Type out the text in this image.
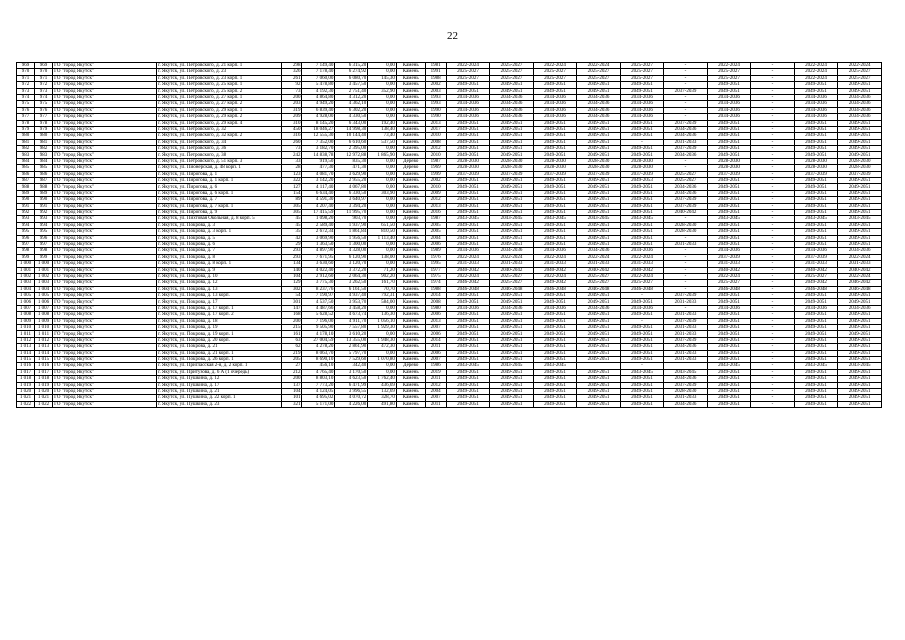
22
969	969	ГО "город Якутск"	г. Якутск, ул. Петровского, д. 21 корп. 1	298	7 149,40	6 315,20	0,00	Камень	1981	2022-2024	2025-2027	2022-2024	2022-2024	2025-2027	-	2022-2024	-	2022-2024	2022-2024
970	970	ГО "город Якутск"	г. Якутск, ул. Петровского, д. 23	326	7 178,40	6 274,92	0,00	Камень	1991	2025-2027	2025-2027	2025-2027	2025-2027	2025-2027	-	2025-2027	-	2022-2024	2025-2027
971	971	ГО "город Якутск"	г. Якутск, ул. Петровского, д. 23 корп. 1	261	7 060,00	6 080,70	145,30	Камень	1988	2025-2027	2025-2027	2025-2027	2025-2027	2025-2027	-	2025-2027	-	2022-2024	2025-2027
972	972	ГО "город Якутск"	г. Якутск, ул. Петровского, д. 25 корп. 1	92	5 478,80	3 457,50	0,00	Камень	2002	2049-2051	2049-2051	2049-2051	2049-2051	2049-2051	-	2049-2051	-	2049-2051	2049-2051
973	973	ГО "город Якутск"	г. Якутск, ул. Петровского, д. 25 корп. 2	73	4 192,30	2 751,40	352,90	Камень	2003	2049-2051	2049-2051	2049-2051	2049-2051	2049-2051	2037-2039	2049-2051	-	2049-2051	2049-2051
974	974	ГО "город Якутск"	г. Якутск, ул. Петровского, д. 27 корп. 1	200	4 864,80	4 312,20	0,00	Камень	1993	2034-2036	2034-2036	2034-2036	2034-2036	2034-2036	-	2034-2036	-	2034-2036	2034-2036
975	975	ГО "город Якутск"	г. Якутск, ул. Петровского, д. 27 корп. 2	203	4 949,20	4 362,10	0,00	Камень	1993	2034-2036	2034-2036	2034-2036	2034-2036	2034-2036	-	2034-2036	-	2034-2036	2034-2036
976	976	ГО "город Якутск"	г. Якутск, ул. Петровского, д. 29 корп. 1	319	6 839,40	6 302,20	0,00	Камень	1990	2034-2036	2034-2036	2034-2036	2034-2036	2034-2036	-	2034-2036	-	2034-2036	2034-2036
977	977	ГО "город Якутск"	г. Якутск, ул. Петровского, д. 29 корп. 2	209	4 928,00	4 330,50	0,00	Камень	1990	2034-2036	2034-2036	2034-2036	2034-2036	2034-2036	-	2034-2036	-	2034-2036	2034-2036
978	978	ГО "город Якутск"	г. Якутск, ул. Петровского, д. 29 корп. 4	310	8 145,20	6 343,00	192,40	Камень	2013	2049-2051	2049-2051	2049-2051	2049-2051	2049-2051	2037-2039	2049-2051	-	2049-2051	2049-2051
979	979	ГО "город Якутск"	г. Якутск, ул. Петровского, д. 32	450	18 046,27	14 998,30	138,40	Камень	2017	2049-2051	2049-2051	2049-2051	2049-2051	2049-2051	2034-2036	2049-2051	-	2049-2051	2049-2051
980	980	ГО "город Якутск"	г. Якутск, ул. Петровского, д. 32 корп. 2	316	12 555,30	10 144,40	73,40	Камень	2010	2049-2051	2049-2051	2049-2051	2049-2051	2049-2051	2034-2036	2049-2051	-	2049-2051	2049-2051
981	981	ГО "город Якутск"	г. Якутск, ул. Петровского, д. 34	260	7 352,00	6 610,60	537,50	Камень	2008	2049-2051	2049-2051	2049-2051	2049-2051	-	2031-2033	2049-2051	-	2049-2051	2049-2051
982	982	ГО "город Якутск"	г. Якутск, ул. Петровского, д. 36	73	3 182,70	2 395,00	0,00	Камень	2012	2049-2051	2049-2051	2049-2051	2049-2051	2049-2051	2037-2039	2049-2051	-	2049-2051	2049-2051
983	983	ГО "город Якутск"	г. Якутск, ул. Петровского, д. 38	242	14 838,78	12 972,88	1 865,90	Камень	2010	2049-2051	2049-2051	2049-2051	2049-2051	2049-2051	2034-2036	2049-2051	-	2049-2051	2049-2051
984	984	ГО "город Якутск"	г. Якутск, ул. Петровского, д. 51 корп. 3	33	919,50	835,30	0,00	Дерево	1987	2028-2030	2028-2030	2028-2030	2028-2030	2028-2030	-	2028-2030	-	2028-2030	2028-2030
985	985	ГО "город Якутск"	г. Якутск, ул. Пионерская, д. 48 корп. 1	28	477,30	471,30	0,00	Дерево	1969	2028-2030	2028-2030	2028-2030	2028-2030	2028-2030	-	2028-2030	-	2028-2030	2028-2030
986	986	ГО "город Якутск"	г. Якутск, ул. Пирогова, д. 1	123	4 081,70	3 629,90	0,00	Камень	1999	2037-2039	2037-2039	2037-2039	2037-2039	2037-2039	2025-2027	2037-2039	-	2037-2039	2037-2039
987	987	ГО "город Якутск"	г. Якутск, ул. Пирогова, д. 1 корп. 1	322	3 142,20	2 955,20	0,00	Камень	2002	2049-2051	2049-2051	2049-2051	2049-2051	2049-2053	2025-2027	2049-2051	-	2049-2051	2049-2051
988	988	ГО "город Якутск"	г. Якутск, ул. Пирогова, д. 6	127	4 117,40	4 067,80	0,00	Камень	2010	2049-2051	2049-2051	2049-2051	2049-2051	2049-2051	2034-2036	2049-2051	-	2049-2051	2049-2051
989	989	ГО "город Якутск"	г. Якутск, ул. Пирогова, д. 6 корп. 1	154	6 634,40	6 330,50	303,90	Камень	2009	2049-2051	2049-2051	2049-2051	2049-2051	2049-2051	2034-2036	2049-2051	-	2049-2051	2049-2051
990	990	ГО "город Якутск"	г. Якутск, ул. Пирогова, д. 7	89	4 591,30	3 640,97	0,00	Камень	2012	2049-2051	2049-2051	2049-2051	2049-2051	2049-2051	2037-2039	2049-2051	-	2049-2051	2049-2051
991	991	ГО "город Якутск"	г. Якутск, ул. Пирогова, д. 7 корп. 1	305	4 207,40	3 394,20	0,00	Камень	2013	2049-2051	2049-2051	2049-2051	2049-2051	2049-2051	2037-2039	2049-2051	-	2049-2051	2049-2051
992	992	ГО "город Якутск"	г. Якутск, ул. Пирогова, д. 9	305	17 415,59	11 995,70	0,00	Камень	2016	2049-2051	2049-2051	2049-2051	2049-2051	2049-2051	2040-2042	2049-2051	-	2049-2051	2049-2051
993	993	ГО "город Якутск"	г. Якутск, ул. Пихтовая Окольная, д. 8 корп. 5	45	1 098,20	903,70	0,00	Дерево	1987	2043-2045	2043-2045	2043-2045	2043-2045	2043-2045	-	2043-2045	-	2043-2045	2043-2045
994	994	ГО "город Якутск"	г. Якутск, ул. Покрова, д. 3	45	2 589,40	1 937,90	651,50	Камень	2005	2049-2051	2049-2051	2049-2051	2049-2051	2049-2051	2028-2030	2049-2051	-	2049-2051	2049-2051
995	995	ГО "город Якутск"	г. Якутск, ул. Покрова, д. 3 корп. 1	35	2 672,34	1 861,84	810,50	Камень	2005	2049-2051	2049-2051	2049-2051	2049-2051	2049-2051	2028-2030	2049-2051	-	2049-2051	2049-2051
996	996	ГО "город Якутск"	г. Якутск, ул. Покрова, д. 5	42	3 069,90	1 956,50	1 113,40	Камень	2004	2049-2051	2049-2051	2049-2051	2049-2051	2049-2051	-	2049-2051	-	2049-2051	2049-2051
997	997	ГО "город Якутск"	г. Якутск, ул. Покрова, д. 6	29	1 363,50	1 300,00	0,00	Камень	2006	2049-2051	2049-2051	2049-2051	2049-2051	2049-2051	2031-2033	2049-2051	-	2049-2051	2049-2051
998	998	ГО "город Якутск"	г. Якутск, ул. Покрова, д. 7	293	4 897,90	4 328,00	0,00	Камень	1989	2034-2036	2034-2036	2034-2036	2034-2036	2034-2036	-	2034-2036	-	2034-2036	2034-2036
999	999	ГО "город Якутск"	г. Якутск, ул. Покрова, д. 8	293	7 671,95	6 120,90	138,00	Камень	1976	2022-2024	2022-2024	2022-2024	2022-2024	2022-2024	-	2037-2039	-	2037-2039	2022-2024
1 000	1 000	ГО "город Якутск"	г. Якутск, ул. Покрова, д. 8 корп. 1	134	3 630,60	3 120,70	0,00	Камень	1995	2031-2033	2031-2033	2031-2033	2031-2033	2031-2033	-	2031-2033	-	2031-2033	2031-2033
1 001	1 001	ГО "город Якутск"	г. Якутск, ул. Покрова, д. 9	140	4 022,40	3 372,20	71,20	Камень	1977	2040-2042	2040-2042	2040-2042	2040-2042	2040-2042	-	2040-2042	-	2040-2042	2040-2042
1 002	1 002	ГО "город Якутск"	г. Якутск, ул. Покрова, д. 10	104	2 912,60	2 064,30	902,20	Камень	1975	2022-2024	2025-2027	2022-2024	2025-2027	2022-2024	-	2022-2024	-	2025-2027	2022-2024
1 003	1 003	ГО "город Якутск"	г. Якутск, ул. Покрова, д. 12	129	3 775,30	3 262,50	161,70	Камень	1974	2046-2042	2025-2027	2049-2042	2025-2027	2025-2027	-	2025-2027	-	2049-2042	2046-2042
1 004	1 004	ГО "город Якутск"	г. Якутск, ул. Покрова, д. 13	302	8 237,76	6 161,50	70,70	Камень	1988	2046-2048	2046-2048	2046-2048	2046-2048	2046-2048	-	2046-2048	-	2046-2048	2046-2048
1 005	1 005	ГО "город Якутск"	г. Якутск, ул. Покрова, д. 13 корп.	54	7 190,97	4 937,40	792,31	Камень	2014	2049-2051	2049-2051	2049-2051	2049-2051	-	2037-2039	2049-2051	-	2049-2051	2049-2051
1 006	1 006	ГО "город Якутск"	г. Якутск, ул. Покрова, д. 17	301	4 537,50	3 953,70	584,00	Камень	2008	2049-2051	2049-2051	2049-2051	2049-2051	2049-2051	2031-2033	2049-2051	-	2049-2051	2049-2051
1 007	1 007	ГО "город Якутск"	г. Якутск, ул. Покрова, д. 17 корп. 1	147	4 487,66	3 458,20	0,00	Камень	1980	2034-2036	2034-2036	2034-2036	2034-2036	2034-2036	-	2034-2036	-	2034-2036	2034-2036
1 008	1 008	ГО "город Якутск"	г. Якутск, ул. Покрова, д. 17 корп. 2	168	5 628,52	4 673,74	136,30	Камень	2006	2049-2051	2049-2051	2049-2051	2049-2051	2049-2051	2031-2033	2049-2051	-	2049-2051	2049-2051
1 009	1 009	ГО "город Якутск"	г. Якутск, ул. Покрова, д. 18	200	7 196,00	4 911,70	1 056,10	Камень	2013	2049-2051	2049-2051	2049-2051	2049-2051	-	2037-2039	2049-2051	-	2049-2051	2049-2051
1 010	1 010	ГО "город Якутск"	г. Якутск, ул. Покрова, д. 19	215	9 505,90	7 557,80	1 929,30	Камень	2007	2049-2051	2049-2051	2049-2051	2049-2051	2049-2051	2031-2033	2049-2051	-	2049-2051	2049-2051
1 011	1 011	ГО "город Якутск"	г. Якутск, ул. Покрова, д. 19 корп. 1	161	4 178,10	3 610,20	0,00	Камень	2006	2049-2051	2049-2051	2049-2051	2049-2051	2049-2051	2031-2033	2049-2051	-	2049-2051	2049-2051
1 012	1 012	ГО "город Якутск"	г. Якутск, ул. Покрова, д. 20 корп.	63	27 004,59	13 355,00	1 948,30	Камень	2014	2049-2051	2049-2051	2049-2051	2049-2051	2049-2051	2037-2039	2049-2051	-	2049-2051	2049-2051
1 013	1 013	ГО "город Якутск"	г. Якутск, ул. Покрова, д. 21	62	4 278,20	2 861,90	472,30	Камень	2011	2049-2051	2049-2051	2049-2051	2049-2051	2049-2051	2034-2036	2049-2051	-	2049-2051	2049-2051
1 014	1 014	ГО "город Якутск"	г. Якутск, ул. Покрова, д. 21 корп. 1	219	8 063,70	5 797,70	0,00	Камень	2006	2049-2051	2049-2051	2049-2051	2049-2051	2049-2051	2031-2033	2049-2051	-	2049-2051	2049-2051
1 015	1 015	ГО "город Якутск"	г. Якутск, ул. Покрова, д. 26 корп. 1	205	8 690,10	7 529,60	1 070,80	Камень	2007	2049-2051	2049-2051	2049-2051	2049-2051	2049-2051	2031-2033	2049-2051	-	2049-2051	2049-2051
1 016	1 016	ГО "город Якутск"	г. Якутск, ул. Пригласская 2-я, д. 2 корп. 1	27	456,10	342,40	0,00	Дерево	1986	2043-2045	2043-2045	2043-2045		-		2043-2045	-	2043-2045	2043-2045
1 017	1 017	ГО "город Якутск"	г. Якутск, ул. Притузова, д. 6 А (1 очередь)	212	4 765,40	3 170,50	0,00	Камень	2019	2049-2051	2049-2051	2049-2051	2049-2051	2043-2045	2043-2045	2049-2051	-	2049-2051	2049-2051
1 018	1 018	ГО "город Якутск"	г. Якутск, ул. Пушкина, д. 12	200	8 803,10	4 623,50	1 762,40	Камень	2011	2049-2051	2049-2051	2049-2051	2049-2051	2049-2051	2034-2036	2049-2051	-	2049-2051	2049-2051
1 019	1 019	ГО "город Якутск"	г. Якутск, ул. Пушкина, д. 17	137	7 773,20	6 471,99	436,69	Камень	2012	2049-2051	2049-2051	2049-2051	2049-2051	2049-2051	2037-2039	2049-2051	-	2049-2051	2049-2051
1 020	1 020	ГО "город Якутск"	г. Якутск, ул. Пушкина, д. 21	104	4 124,05	3 996,55	132,69	Камень	2004	2049-2051	2049-2051	2049-2051	2049-2051	2049-2051	2028-2030	2049-2051	-	2049-2051	2049-2051
1 021	1 021	ГО "город Якутск"	г. Якутск, ул. Пушкина, д. 22 корп. 1	101	4 695,02	4 070,72	328,70	Камень	2007	2049-2051	2049-2051	2049-2051	2049-2051	2049-2051	2031-2033	2049-2051	-	2049-2051	2049-2051
1 022	1 022	ГО "город Якутск"	г. Якутск, ул. Пушкина, д. 23	321	5 171,00	4 226,00	491,80	Камень	2011	2049-2051	2049-2051	2049-2051	2049-2051	2049-2051	2034-2036	2049-2051	-	2049-2051	2049-2051
